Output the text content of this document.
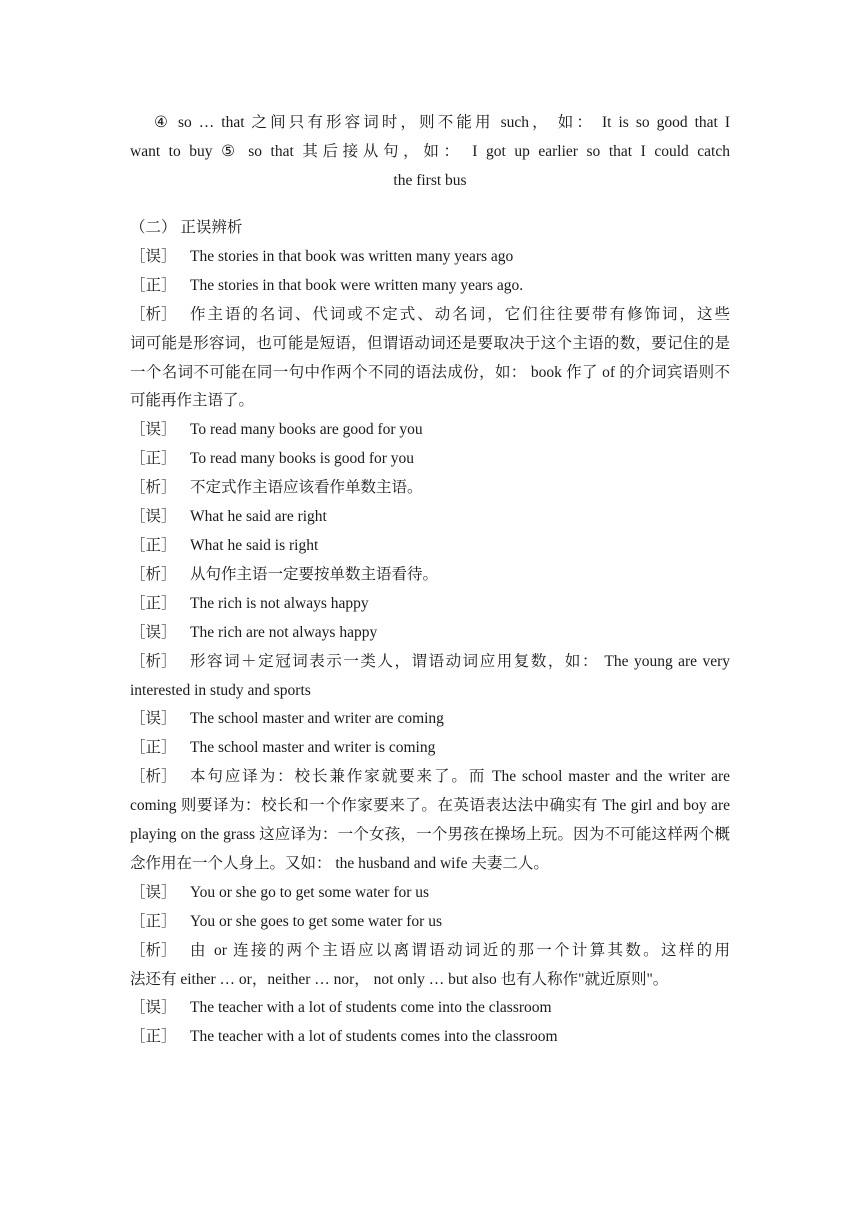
④ so … that 之间只有形容词时，则不能用 such， 如： It is so good that I

want to buy ⑤ so that 其后接从句，如： I got up earlier so that I could catch

the first bus

（二） 正误辨析

［误］ The stories in that book was written many years ago

［正］ The stories in that book were written many years ago.

［析］ 作主语的名词、代词或不定式、动名词，它们往往要带有修饰词，这些

词可能是形容词，也可能是短语，但谓语动词还是要取决于这个主语的数，要记住的是一个名词不可能在同一句中作两个不同的语法成份，如： book 作了 of 的介词宾语则不可能再作主语了。

［误］ To read many books are good for you

［正］ To read many books is good for you

［析］ 不定式作主语应该看作单数主语。

［误］ What he said are right

［正］ What he said is right

［析］ 从句作主语一定要按单数主语看待。

［正］ The rich is not always happy

［误］ The rich are not always happy

［析］ 形容词＋定冠词表示一类人，谓语动词应用复数，如： The young are very

interested in study and sports

［误］ The school master and writer are coming

［正］ The school master and writer is coming

［析］ 本句应译为：校长兼作家就要来了。而 The school master and the writer are

coming 则要译为：校长和一个作家要来了。在英语表达法中确实有 The girl and boy are playing on the grass 这应译为：一个女孩，一个男孩在操场上玩。因为不可能这样两个概念作用在一个人身上。又如： the husband and wife 夫妻二人。

［误］ You or she go to get some water for us

［正］ You or she goes to get some water for us

［析］ 由 or 连接的两个主语应以离谓语动词近的那一个计算其数。这样的用

法还有 either … or，neither … nor， not only … but also 也有人称作"就近原则"。

［误］ The teacher with a lot of students come into the classroom

［正］ The teacher with a lot of students comes into the classroom
